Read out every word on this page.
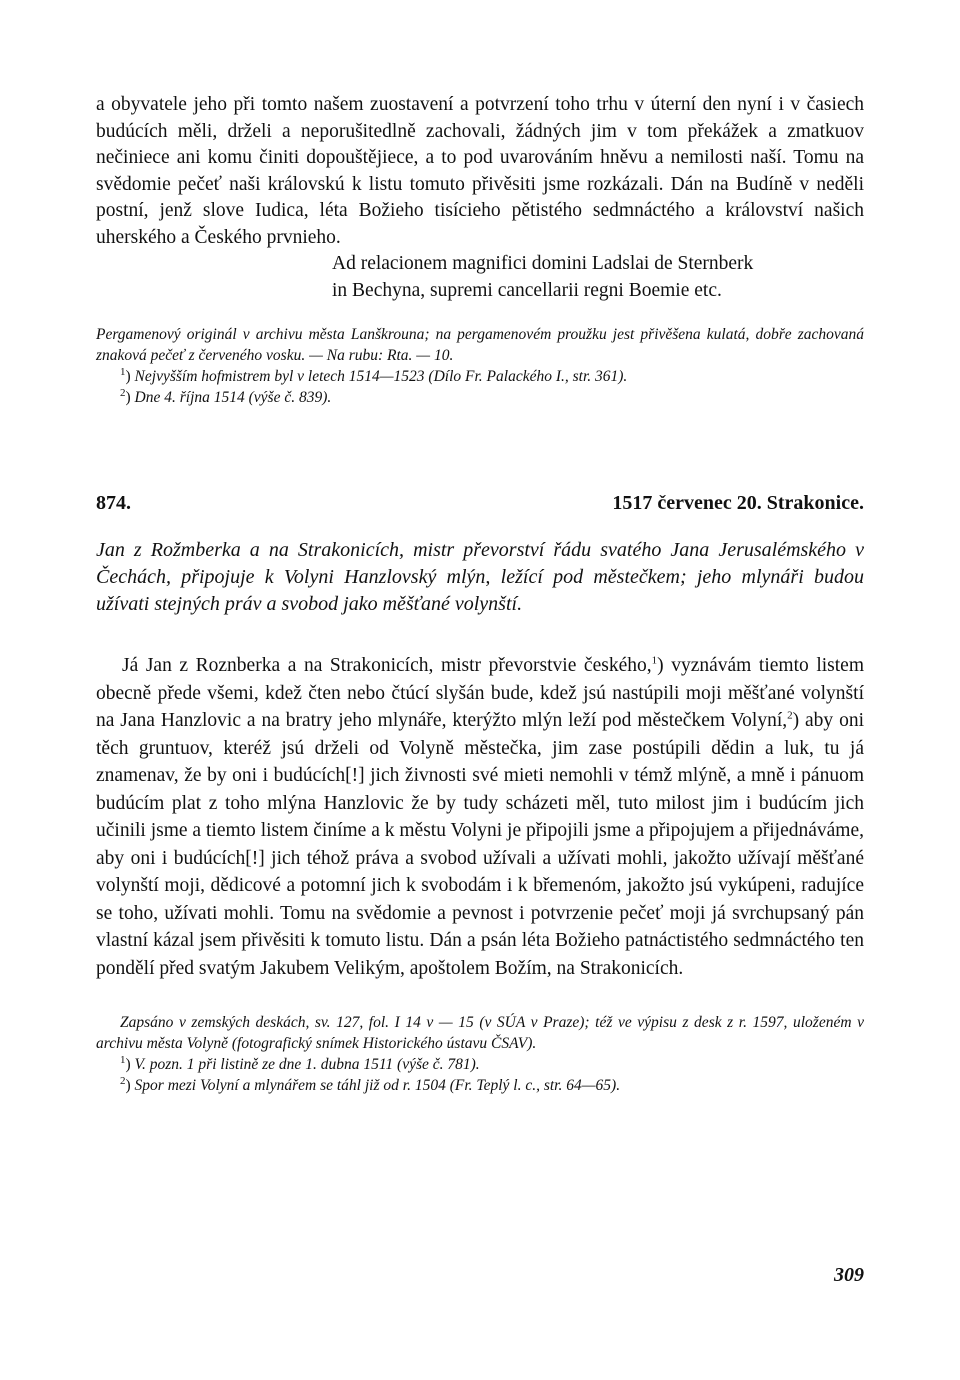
a obyvatele jeho při tomto našem zuostavení a potvrzení toho trhu v úterní den nyní i v časiech budúcích měli, drželi a neporušitedlně zachovali, žádných jim v tom překážek a zmatkuov nečiniece ani komu činiti dopouštějiece, a to pod uvarováním hněvu a nemilosti naší. Tomu na svědomie pečeť naši královskú k listu tomuto přivěsiti jsme rozkázali. Dán na Budíně v neděli postní, jenž slove Iudica, léta Božieho tisícieho pětistého sedmnáctého a království našich uherského a Českého prvnieho.

Ad relacionem magnifici domini Ladslai de Sternberk

in Bechyna, supremi cancellarii regni Boemie etc.

Pergamenový originál v archivu města Lanškrouna; na pergamenovém proužku jest přivěšena kulatá, dobře zachovaná znaková pečeť z červeného vosku. — Na rubu: Rta. — 10.

$^1$) Nejvyšším hofmistrem byl v letech 1514—1523 (Dílo Fr. Palackého I., str. 361).

$^2$) Dne 4. října 1514 (výše č. 839).

874.	1517 červenec 20. Strakonice.

Jan z Rožmberka a na Strakonicích, mistr převorství řádu svatého Jana Jerusalémského v Čechách, připojuje k Volyni Hanzlovský mlýn, ležící pod městečkem; jeho mlynáři budou užívati stejných práv a svobod jako měšťané volynští.

Já Jan z Roznberka a na Strakonicích, mistr převorstvie českého,$^1$) vyznávám tiemto listem obecně přede všemi, kdež čten nebo čtúcí slyšán bude, kdež jsú nastúpili moji měšťané volynští na Jana Hanzlovic a na bratry jeho mlynáře, kterýžto mlýn leží pod městečkem Volyní,$^2$) aby oni těch gruntuov, kteréž jsú drželi od Volyně městečka, jim zase postúpili dědin a luk, tu já znamenav, že by oni i budúcích[!] jich živnosti své mieti nemohli v témž mlýně, a mně i pánuom budúcím plat z toho mlýna Hanzlovic že by tudy scházeti měl, tuto milost jim i budúcím jich učinili jsme a tiemto listem činíme a k městu Volyni je připojili jsme a připojujem a přijednáváme, aby oni i budúcích[!] jich téhož práva a svobod užívali a užívati mohli, jakožto užívají měšťané volynští moji, dědicové a potomní jich k svobodám i k břemenóm, jakožto jsú vykúpeni, radujíce se toho, užívati mohli. Tomu na svědomie a pevnost i potvrzenie pečeť moji já svrchupsaný pán vlastní kázal jsem přivěsiti k tomuto listu. Dán a psán léta Božieho patnáctistého sedmnáctého ten pondělí před svatým Jakubem Velikým, apoštolem Božím, na Strakonicích.

Zapsáno v zemských deskách, sv. 127, fol. I 14 v — 15 (v SÚA v Praze); též ve výpisu z desk z r. 1597, uloženém v archivu města Volyně (fotografický snímek Historického ústavu ČSAV).

$^1$) V. pozn. 1 při listině ze dne 1. dubna 1511 (výše č. 781).

$^2$) Spor mezi Volyní a mlynářem se táhl již od r. 1504 (Fr. Teplý l. c., str. 64—65).

309
